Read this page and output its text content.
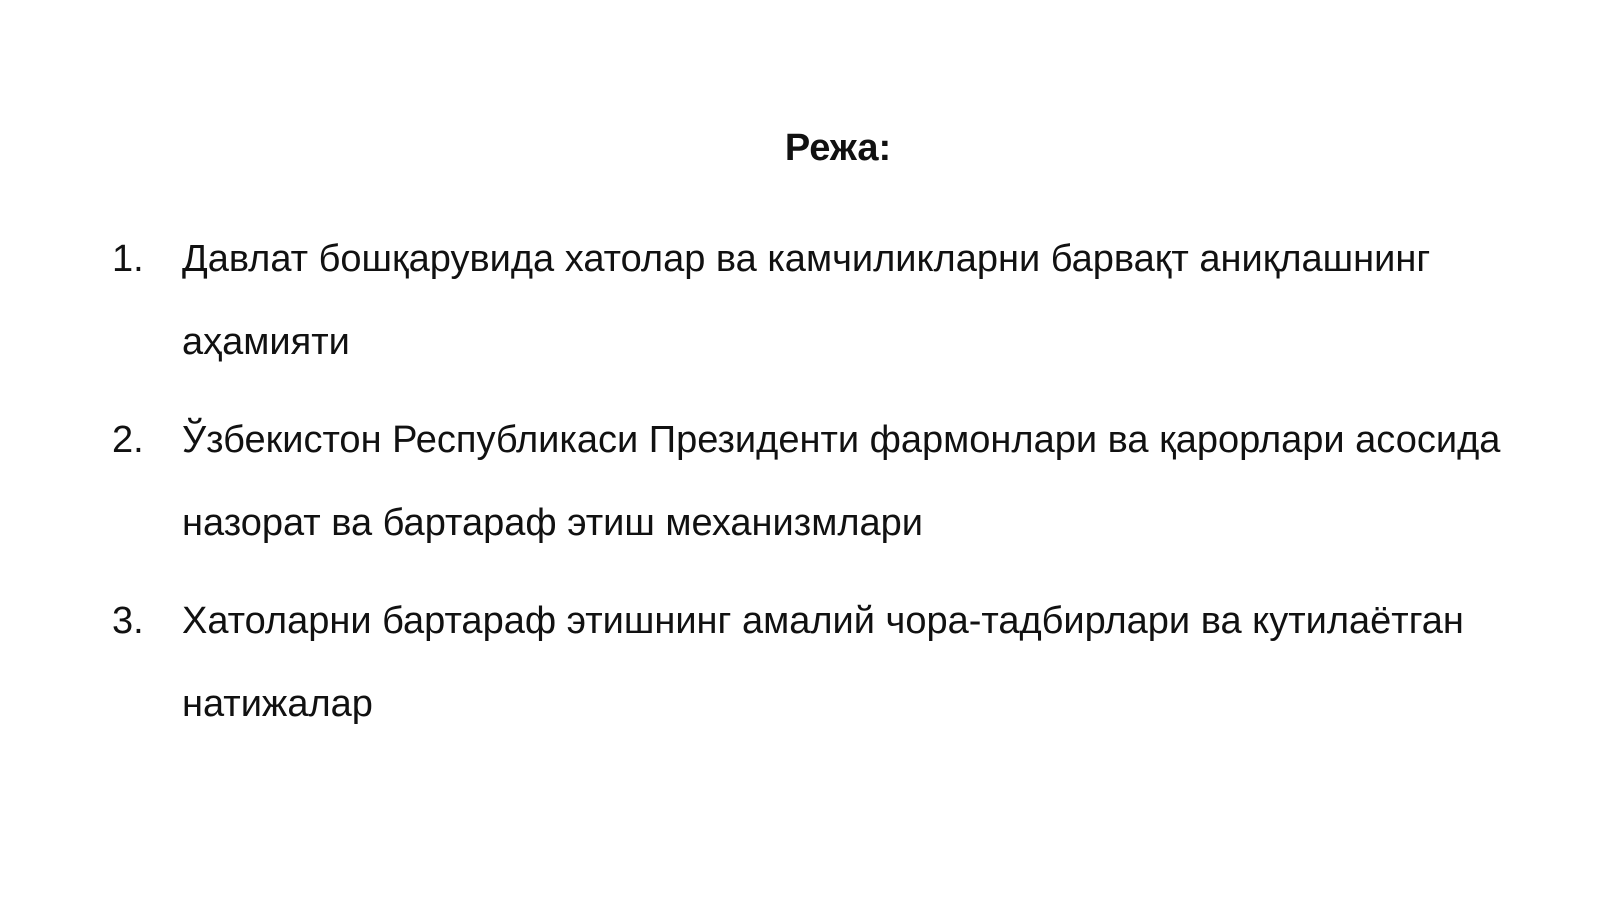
Режа:
1. Давлат бошқарувида хатолар ва камчиликларни барвақт аниқлашнинг аҳамияти
2. Ўзбекистон Республикаси Президенти фармонлари ва қарорлари асосида назорат ва бартараф этиш механизмлари
3. Хатоларни бартараф этишнинг амалий чора-тадбирлари ва кутилаётган натижалар
